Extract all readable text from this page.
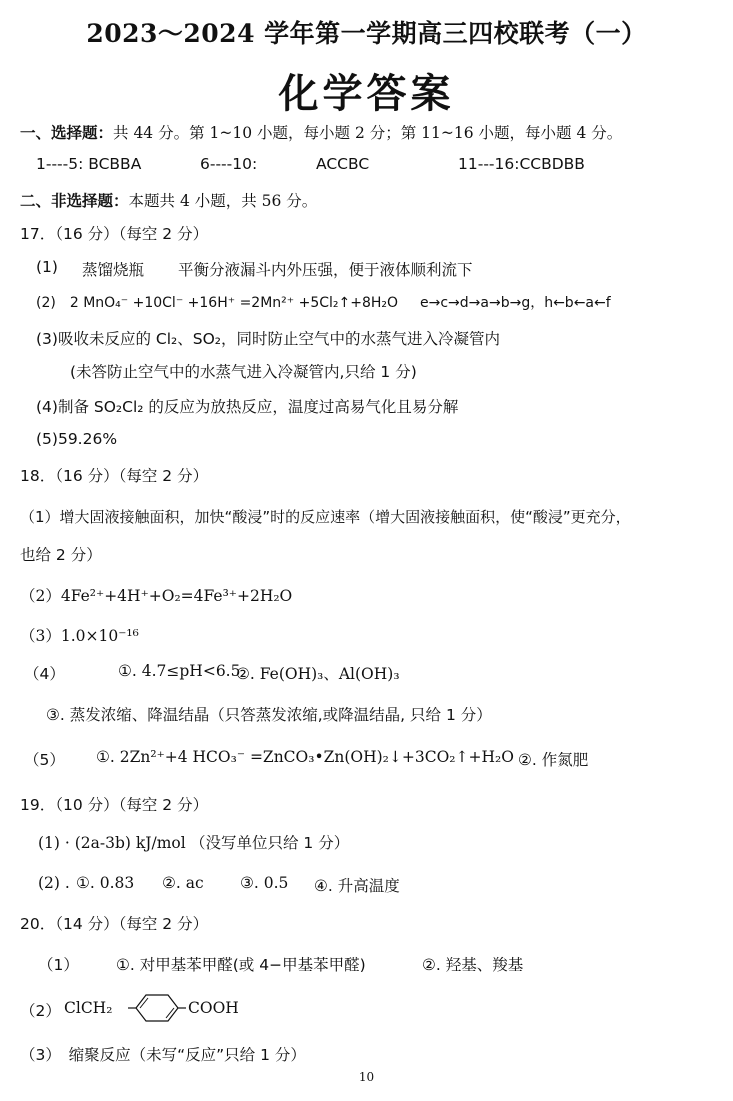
2023～2024 学年第一学期高三四校联考（一）
化学答案
一、选择题：共 44 分。第 1~10 小题，每小题 2 分；第 11~16 小题，每小题 4 分。
1----5: BCBBA	6----10:	ACCBC	11---16:CCBDBB
二、非选择题：本题共 4 小题，共 56 分。
17．（16 分）（每空 2 分）
(1) 蒸馏烧瓶 平衡分液漏斗内外压强，便于液体顺利流下
(2)　2 MnO₄⁻ +10Cl⁻ +16H⁺ =2Mn²⁺ +5Cl₂↑+8H₂O e→c→d→a→b→g，h←b←a←f
(3)吸收未反应的 Cl₂、SO₂，同时防止空气中的水蒸气进入冷凝管内
(未答防止空气中的水蒸气进入冷凝管内,只给 1 分)
(4)制备 SO₂Cl₂ 的反应为放热反应，温度过高易气化且易分解
(5)59.26%
18．（16 分）（每空 2 分）
（1）增大固液接触面积，加快“酸浸”时的反应速率（增大固液接触面积，使“酸浸”更充分，
也给 2 分）
（2）4Fe²⁺+4H⁺+O₂=4Fe³⁺+2H₂O
（3）1.0×10⁻¹⁶
（4）	①. 4.7≤pH<6.5
②. Fe(OH)₃、Al(OH)₃
③. 蒸发浓缩、降温结晶（只答蒸发浓缩,或降温结晶, 只给 1 分）
（5） ①. 2Zn²⁺+4 HCO₃⁻ =ZnCO₃•Zn(OH)₂↓+3CO₂↑+H₂O ②. 作氮肥
19．（10 分）（每空 2 分）
(1) · (2a-3b) kJ/mol （没写单位只给 1 分）
(2) . ①. 0.83 ②. ac ③. 0.5 ④. 升高温度
20．（14 分）（每空 2 分）
（1） ①. 对甲基苯甲醛(或 4−甲基苯甲醛)	②. 羟基、羧基
（2） ClCH₂	COOH
（3）　缩聚反应（未写“反应”只给 1 分）
10
